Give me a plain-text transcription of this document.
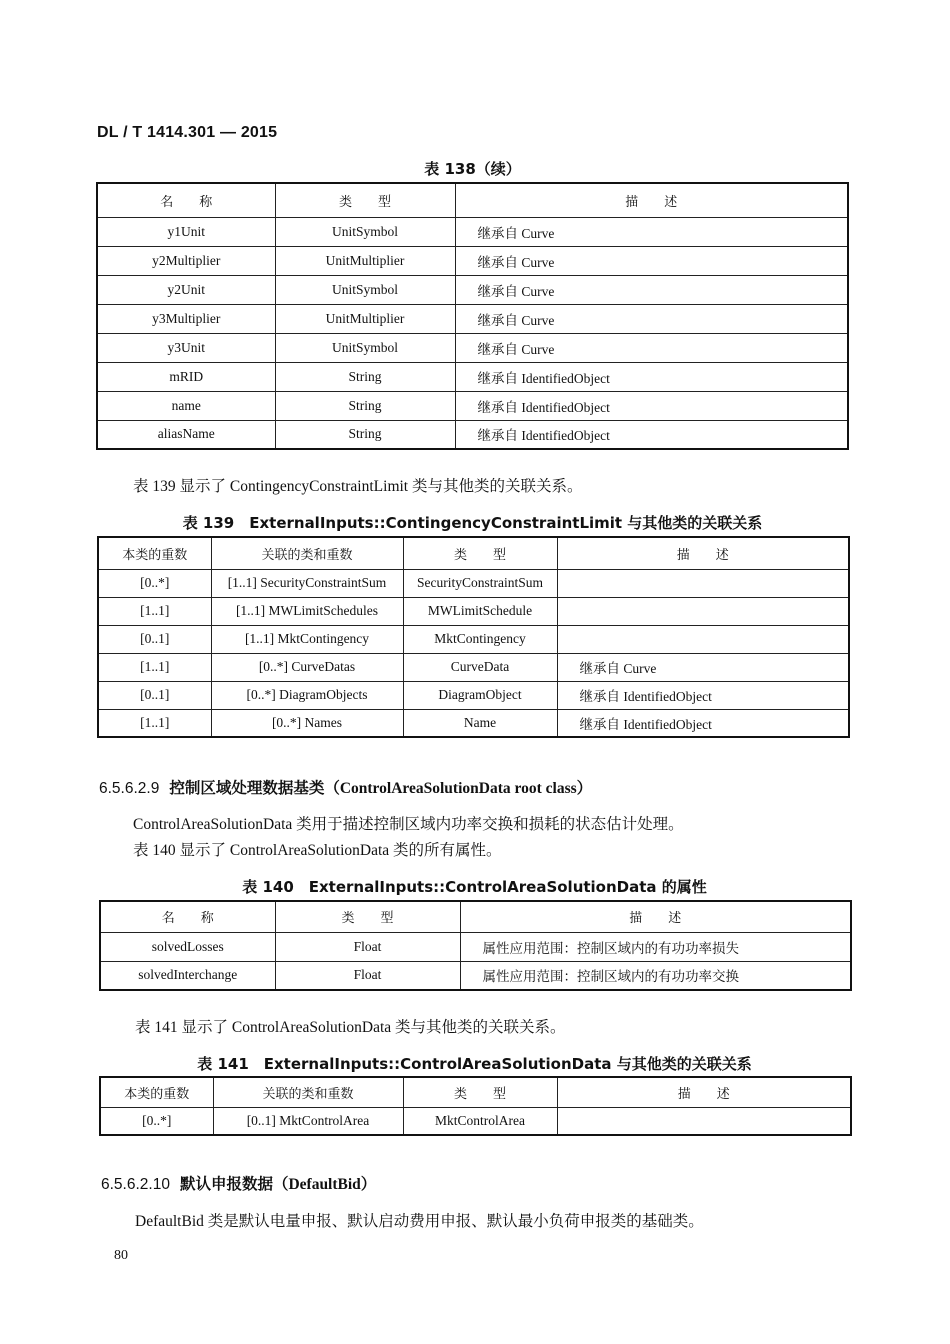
DL / T 1414.301 — 2015
表 138（续）
名　　称	类　　型	描　　述
y1Unit	UnitSymbol	继承自 Curve
y2Multiplier	UnitMultiplier	继承自 Curve
y2Unit	UnitSymbol	继承自 Curve
y3Multiplier	UnitMultiplier	继承自 Curve
y3Unit	UnitSymbol	继承自 Curve
mRID	String	继承自 IdentifiedObject
name	String	继承自 IdentifiedObject
aliasName	String	继承自 IdentifiedObject
表 139 显示了 ContingencyConstraintLimit 类与其他类的关联关系。
表 139　ExternalInputs::ContingencyConstraintLimit 与其他类的关联关系
本类的重数	关联的类和重数	类　　型	描　　述
[0..*]	[1..1] SecurityConstraintSum	SecurityConstraintSum	
[1..1]	[1..1] MWLimitSchedules	MWLimitSchedule	
[0..1]	[1..1] MktContingency	MktContingency	
[1..1]	[0..*] CurveDatas	CurveData	继承自 Curve
[0..1]	[0..*] DiagramObjects	DiagramObject	继承自 IdentifiedObject
[1..1]	[0..*] Names	Name	继承自 IdentifiedObject
6.5.6.2.9 控制区域处理数据基类（ControlAreaSolutionData root class）
ControlAreaSolutionData 类用于描述控制区域内功率交换和损耗的状态估计处理。
表 140 显示了 ControlAreaSolutionData 类的所有属性。
表 140　ExternalInputs::ControlAreaSolutionData 的属性
名　　称	类　　型	描　　述
solvedLosses	Float	属性应用范围：控制区域内的有功功率损失
solvedInterchange	Float	属性应用范围：控制区域内的有功功率交换
表 141 显示了 ControlAreaSolutionData 类与其他类的关联关系。
表 141　ExternalInputs::ControlAreaSolutionData 与其他类的关联关系
本类的重数	关联的类和重数	类　　型	描　　述
[0..*]	[0..1] MktControlArea	MktControlArea	
6.5.6.2.10 默认申报数据（DefaultBid）
DefaultBid 类是默认电量申报、默认启动费用申报、默认最小负荷申报类的基础类。
80
